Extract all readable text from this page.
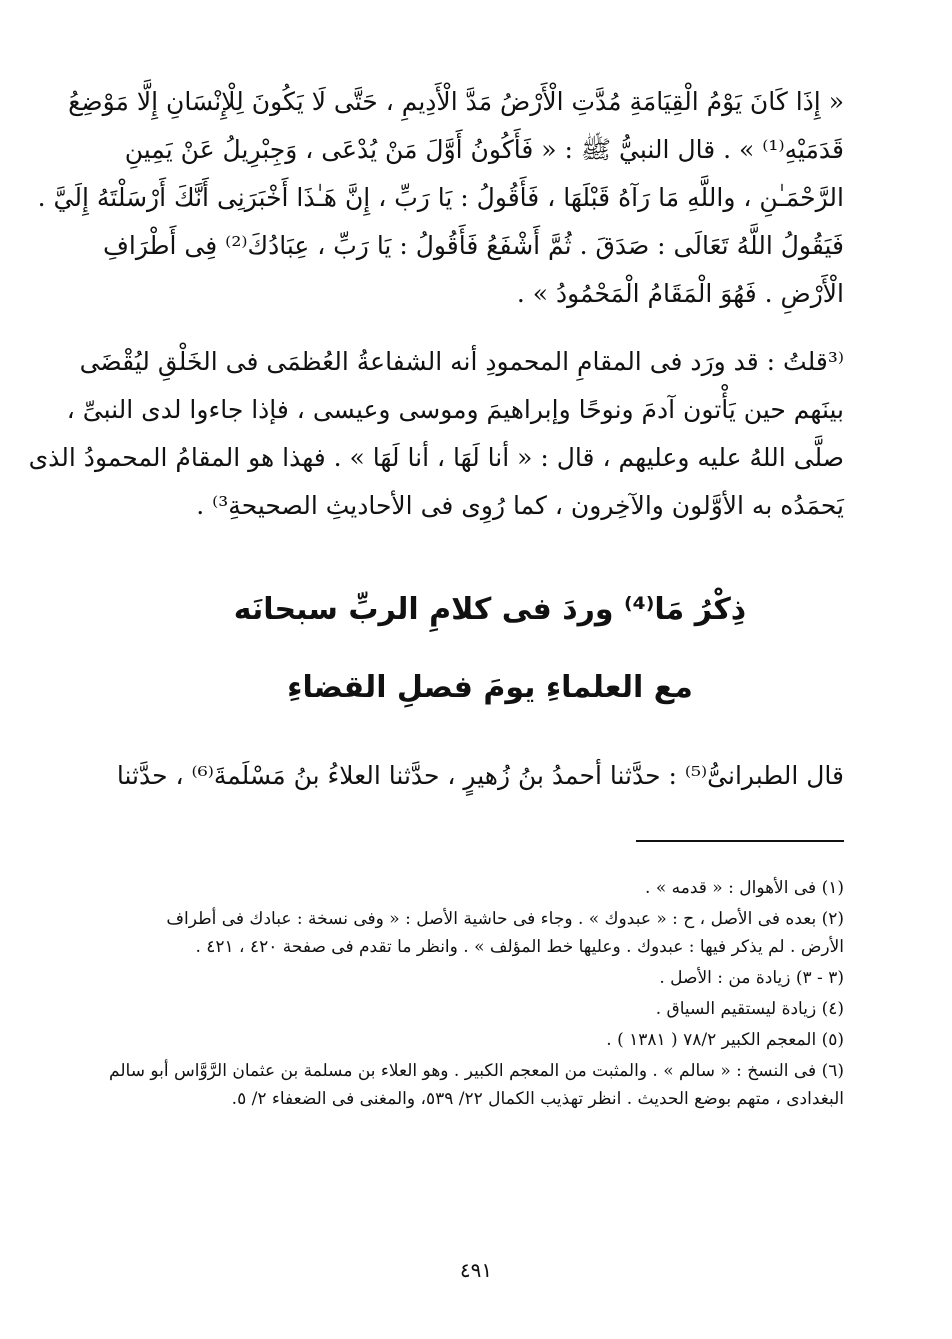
« إِذَا كَانَ يَوْمُ الْقِيَامَةِ مُدَّتِ الْأَرْضُ مَدَّ الْأَدِيمِ ، حَتَّى لَا يَكُونَ لِلْإِنْسَانِ إِلَّا مَوْضِعُ
قَدَمَيْهِ⁽¹⁾ » . قال النبيُّ ﷺ : « فَأَكُونُ أَوَّلَ مَنْ يُدْعَى ، وَجِبْرِيلُ عَنْ يَمِينِ
الرَّحْمَـٰنِ ، واللَّهِ مَا رَآهُ قَبْلَهَا ، فَأَقُولُ : يَا رَبِّ ، إِنَّ هَـٰذَا أَخْبَرَنِى أَنَّكَ أَرْسَلْتَهُ إِلَيَّ .
فَيَقُولُ اللَّهُ تَعَالَى : صَدَقَ . ثُمَّ أَشْفَعُ فَأَقُولُ : يَا رَبِّ ، عِبَادُكَ⁽²⁾ فِى أَطْرَافِ
الْأَرْضِ . فَهُوَ الْمَقَامُ الْمَحْمُودُ » .
⁽³قلتُ : قد ورَد فى المقامِ المحمودِ أنه الشفاعةُ العُظمَى فى الخَلْقِ ليُقْضَى
بينَهم حين يَأْتون آدمَ ونوحًا وإبراهيمَ وموسى وعيسى ، فإذا جاءوا لدى النبىِّ ،
صلَّى اللهُ عليه وعليهم ، قال : « أنا لَهَا ، أنا لَهَا » . فهذا هو المقامُ المحمودُ الذى
يَحمَدُه به الأوَّلون والآخِرون ، كما رُوِى فى الأحاديثِ الصحيحةِ³⁾ .
ذِكْرُ مَا⁽⁴⁾ وردَ فى كلامِ الربِّ سبحانَه
مع العلماءِ يومَ فصلِ القضاءِ
قال الطبرانىُّ⁽⁵⁾ : حدَّثنا أحمدُ بنُ زُهيرٍ ، حدَّثنا العلاءُ بنُ مَسْلَمةَ⁽⁶⁾ ، حدَّثنا

(١) فى الأهوال : « قدمه » .

(٢) بعده فى الأصل ، ح : « عبدوك » . وجاء فى حاشية الأصل : « وفى نسخة : عبادك فى أطراف
الأرض . لم يذكر فيها : عبدوك . وعليها خط المؤلف » . وانظر ما تقدم فى صفحة ٤٢٠ ، ٤٢١ .

(٣ - ٣) زيادة من : الأصل .

(٤) زيادة ليستقيم السياق .

(٥) المعجم الكبير ٧٨/٢ ( ١٣٨١ ) .

(٦) فى النسخ : « سالم » . والمثبت من المعجم الكبير . وهو العلاء بن مسلمة بن عثمان الرَّوَّاس أبو سالم
البغدادى ، متهم بوضع الحديث . انظر تهذيب الكمال ٢٢/ ٥٣٩، والمغنى فى الضعفاء ٢/ ٥.

٤٩١
